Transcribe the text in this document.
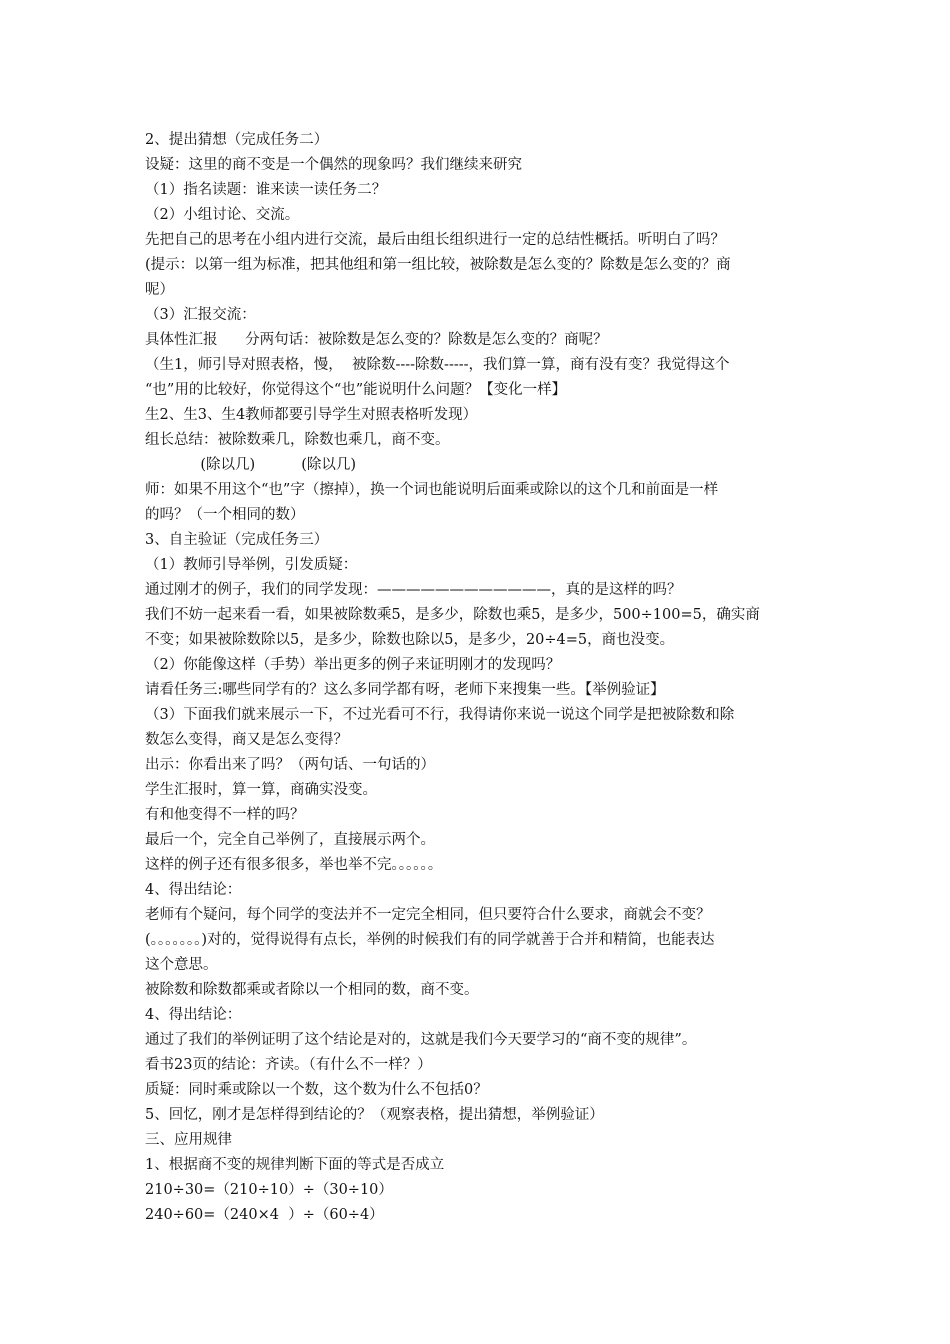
2、提出猜想（完成任务二）

设疑：这里的商不变是一个偶然的现象吗？我们继续来研究

（1）指名读题：谁来读一读任务二？

（2）小组讨论、交流。

先把自己的思考在小组内进行交流，最后由组长组织进行一定的总结性概括。听明白了吗？

(提示：以第一组为标准，把其他组和第一组比较，被除数是怎么变的？除数是怎么变的？商

呢）

（3）汇报交流：

具体性汇报      分两句话：被除数是怎么变的？除数是怎么变的？商呢？

（生1，师引导对照表格，慢，  被除数----除数-----，我们算一算，商有没有变？我觉得这个

“也”用的比较好，你觉得这个“也”能说明什么问题？【变化一样】

生2、生3、生4教师都要引导学生对照表格听发现）

组长总结：被除数乘几，除数也乘几，商不变。

(除以几)          (除以几)

师：如果不用这个“也”字（擦掉），换一个词也能说明后面乘或除以的这个几和前面是一样

的吗？（一个相同的数）

3、自主验证（完成任务三）

（1）教师引导举例，引发质疑：

通过刚才的例子，我们的同学发现：————————————，真的是这样的吗？

我们不妨一起来看一看，如果被除数乘5，是多少，除数也乘5，是多少，500÷100=5，确实商

不变；如果被除数除以5，是多少，除数也除以5，是多少，20÷4=5，商也没变。

（2）你能像这样（手势）举出更多的例子来证明刚才的发现吗？

请看任务三:哪些同学有的？这么多同学都有呀，老师下来搜集一些。【举例验证】

（3）下面我们就来展示一下，不过光看可不行，我得请你来说一说这个同学是把被除数和除

数怎么变得，商又是怎么变得？

出示：你看出来了吗？（两句话、一句话的）

学生汇报时，算一算，商确实没变。

有和他变得不一样的吗？

最后一个，完全自己举例了，直接展示两个。

这样的例子还有很多很多，举也举不完。。。。。。

4、得出结论：

老师有个疑问，每个同学的变法并不一定完全相同，但只要符合什么要求，商就会不变？

(。。。。。。。)对的，觉得说得有点长，举例的时候我们有的同学就善于合并和精简，也能表达

这个意思。

被除数和除数都乘或者除以一个相同的数，商不变。

4、得出结论：

通过了我们的举例证明了这个结论是对的，这就是我们今天要学习的“商不变的规律”。

看书23页的结论：齐读。（有什么不一样？）

质疑：同时乘或除以一个数，这个数为什么不包括0？

5、回忆，刚才是怎样得到结论的？（观察表格，提出猜想，举例验证）

三、应用规律

1、根据商不变的规律判断下面的等式是否成立

210÷30=（210÷10）÷（30÷10）

240÷60=（240×4  ）÷（60÷4）
